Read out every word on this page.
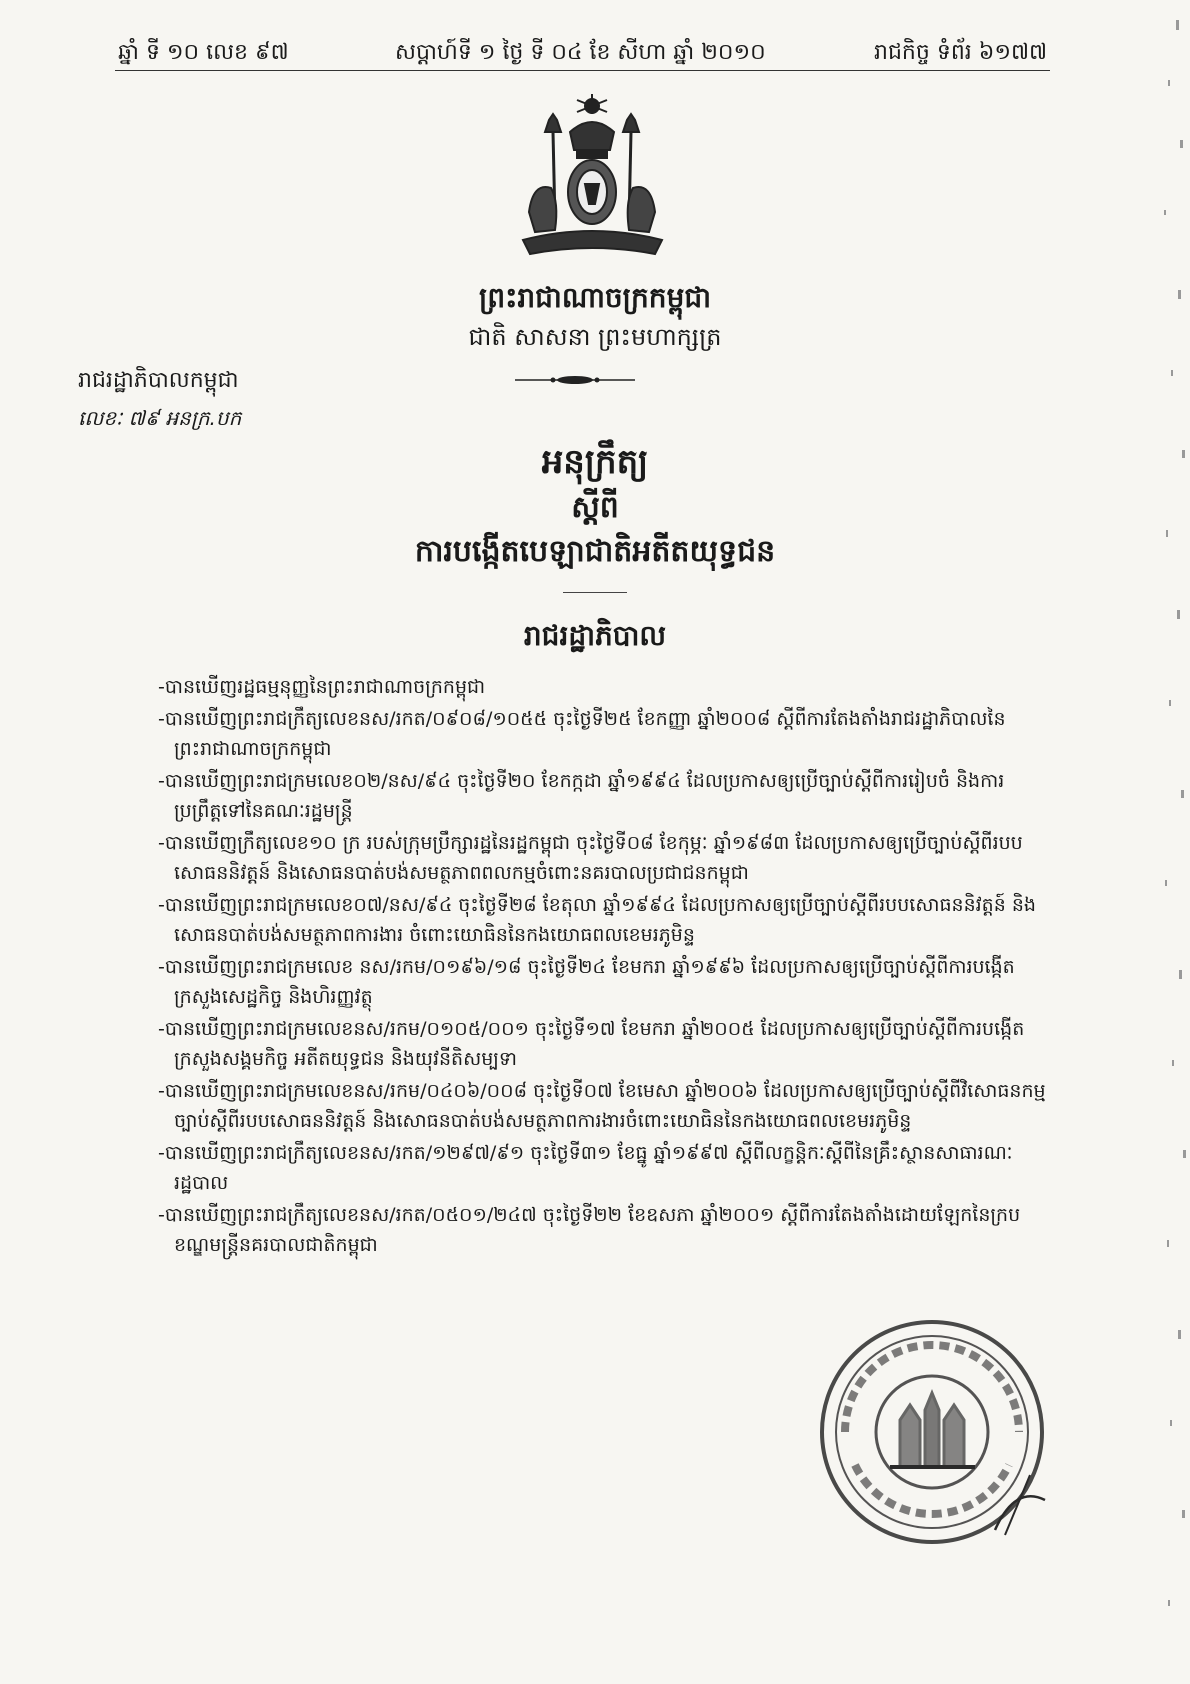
ឆ្នាំ ទី ១០ លេខ ៩៧	សប្តាហ៍ទី ១ ថ្ងៃ ទី ០៤ ខែ សីហា ឆ្នាំ ២០១០	រាជកិច្ច ទំព័រ ៦១៧៧
ព្រះរាជាណាចក្រកម្ពុជា
ជាតិ សាសនា ព្រះមហាក្សត្រ
រាជរដ្ឋាភិបាលកម្ពុជា
លេខៈ ៧៩ អនក្រ.បក
អនុក្រឹត្យ
ស្តីពី
ការបង្កើតបេឡាជាតិអតីតយុទ្ធជន
រាជរដ្ឋាភិបាល
-បានឃើញរដ្ឋធម្មនុញ្ញនៃព្រះរាជាណាចក្រកម្ពុជា
-បានឃើញព្រះរាជក្រឹត្យលេខនស/រកត/០៩០៨/១០៥៥ ចុះថ្ងៃទី២៥ ខែកញ្ញា ឆ្នាំ២០០៨ ស្តីពីការតែងតាំងរាជរដ្ឋាភិបាលនៃព្រះរាជាណាចក្រកម្ពុជា
-បានឃើញព្រះរាជក្រមលេខ០២/នស/៩៤ ចុះថ្ងៃទី២០ ខែកក្កដា ឆ្នាំ១៩៩៤ ដែលប្រកាសឲ្យប្រើច្បាប់ស្តីពីការរៀបចំ និងការប្រព្រឹត្តទៅនៃគណៈរដ្ឋមន្ត្រី
-បានឃើញក្រឹត្យលេខ១០ ក្រ របស់ក្រុមប្រឹក្សារដ្ឋនៃរដ្ឋកម្ពុជា ចុះថ្ងៃទី០៨ ខែកុម្ភៈ ឆ្នាំ១៩៨៣ ដែលប្រកាសឲ្យប្រើច្បាប់ស្តីពីរបបសោធននិវត្តន៍ និងសោធនបាត់បង់សមត្ថភាពពលកម្មចំពោះនគរបាលប្រជាជនកម្ពុជា
-បានឃើញព្រះរាជក្រមលេខ០៧/នស/៩៤ ចុះថ្ងៃទី២៨ ខែតុលា ឆ្នាំ១៩៩៤ ដែលប្រកាសឲ្យប្រើច្បាប់ស្តីពីរបបសោធននិវត្តន៍ និងសោធនបាត់បង់សមត្ថភាពការងារ ចំពោះយោធិននៃកងយោធពលខេមរភូមិន្ទ
-បានឃើញព្រះរាជក្រមលេខ នស/រកម/០១៩៦/១៨ ចុះថ្ងៃទី២៤ ខែមករា ឆ្នាំ១៩៩៦ ដែលប្រកាសឲ្យប្រើច្បាប់ស្តីពីការបង្កើតក្រសួងសេដ្ឋកិច្ច និងហិរញ្ញវត្ថុ
-បានឃើញព្រះរាជក្រមលេខនស/រកម/០១០៥/០០១ ចុះថ្ងៃទី១៧ ខែមករា ឆ្នាំ២០០៥ ដែលប្រកាសឲ្យប្រើច្បាប់ស្តីពីការបង្កើតក្រសួងសង្គមកិច្ច អតីតយុទ្ធជន និងយុវនីតិសម្បទា
-បានឃើញព្រះរាជក្រមលេខនស/រកម/០៤០៦/០០៨ ចុះថ្ងៃទី០៧ ខែមេសា ឆ្នាំ២០០៦ ដែលប្រកាសឲ្យប្រើច្បាប់ស្តីពីវិសោធនកម្មច្បាប់ស្តីពីរបបសោធននិវត្តន៍ និងសោធនបាត់បង់សមត្ថភាពការងារចំពោះយោធិននៃកងយោធពលខេមរភូមិន្ទ
-បានឃើញព្រះរាជក្រឹត្យលេខនស/រកត/១២៩៧/៩១ ចុះថ្ងៃទី៣១ ខែធ្នូ ឆ្នាំ១៩៩៧ ស្តីពីលក្ខន្តិកៈស្តីពីនៃគ្រឹះស្ថានសាធារណៈរដ្ឋបាល
-បានឃើញព្រះរាជក្រឹត្យលេខនស/រកត/០៥០១/២៤៧ ចុះថ្ងៃទី២២ ខែឧសភា ឆ្នាំ២០០១ ស្តីពីការតែងតាំងដោយឡែកនៃក្របខណ្ឌមន្ត្រីនគរបាលជាតិកម្ពុជា
